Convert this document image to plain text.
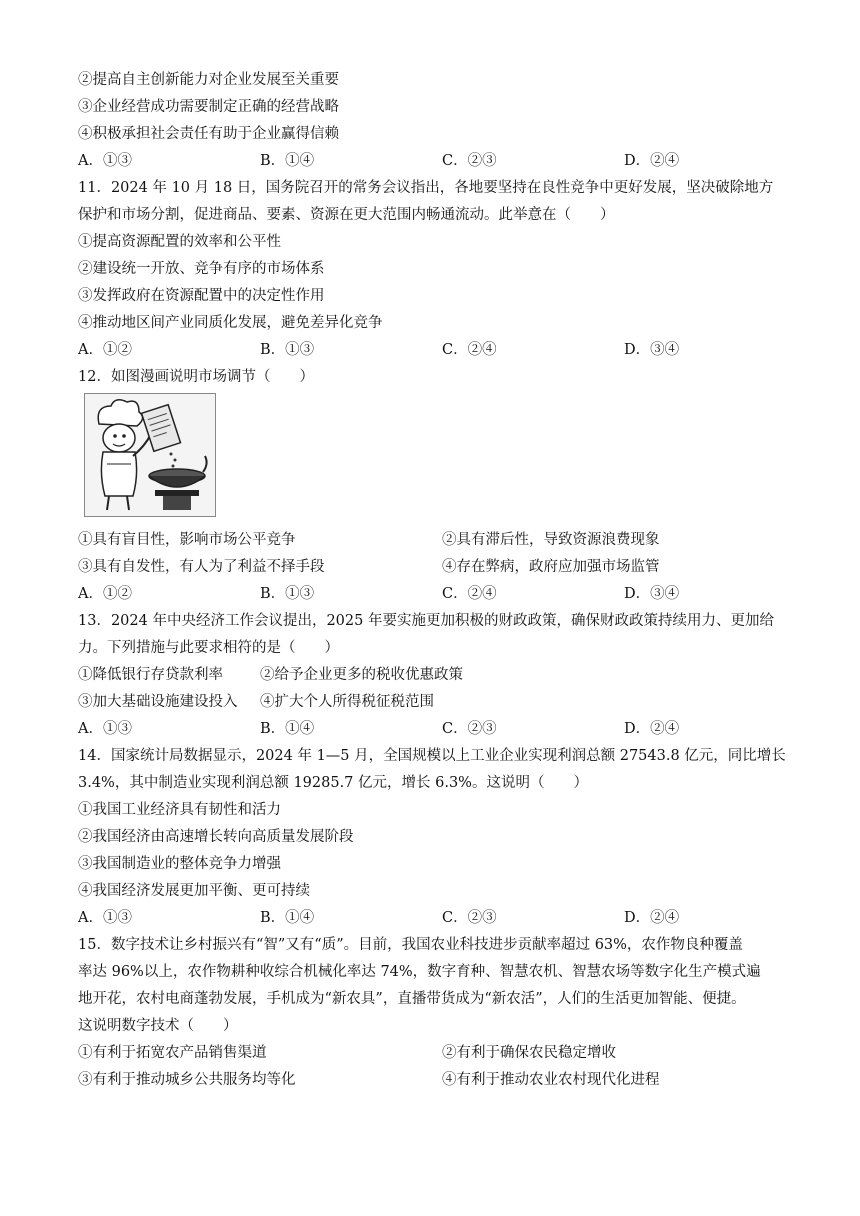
②提高自主创新能力对企业发展至关重要
③企业经营成功需要制定正确的经营战略
④积极承担社会责任有助于企业赢得信赖
A．①③	B．①④	C．②③	D．②④
11．2024 年 10 月 18 日，国务院召开的常务会议指出，各地要坚持在良性竞争中更好发展，坚决破除地方
保护和市场分割，促进商品、要素、资源在更大范围内畅通流动。此举意在（　　）
①提高资源配置的效率和公平性
②建设统一开放、竞争有序的市场体系
③发挥政府在资源配置中的决定性作用
④推动地区间产业同质化发展，避免差异化竞争
A．①②	B．①③	C．②④	D．③④
12．如图漫画说明市场调节（　　）
①具有盲目性，影响市场公平竞争	②具有滞后性，导致资源浪费现象
③具有自发性，有人为了利益不择手段	④存在弊病，政府应加强市场监管
A．①②	B．①③	C．②④	D．③④
13．2024 年中央经济工作会议提出，2025 年要实施更加积极的财政政策，确保财政政策持续用力、更加给
力。下列措施与此要求相符的是（　　）
①降低银行存贷款利率	②给予企业更多的税收优惠政策
③加大基础设施建设投入 ④扩大个人所得税征税范围
A．①③	B．①④	C．②③	D．②④
14．国家统计局数据显示，2024 年 1—5 月，全国规模以上工业企业实现利润总额 27543.8 亿元，同比增长
3.4%，其中制造业实现利润总额 19285.7 亿元，增长 6.3%。这说明（　　）
①我国工业经济具有韧性和活力
②我国经济由高速增长转向高质量发展阶段
③我国制造业的整体竞争力增强
④我国经济发展更加平衡、更可持续
A．①③	B．①④	C．②③	D．②④
15．数字技术让乡村振兴有“智”又有“质”。目前，我国农业科技进步贡献率超过 63%，农作物良种覆盖
率达 96%以上，农作物耕种收综合机械化率达 74%，数字育种、智慧农机、智慧农场等数字化生产模式遍
地开花，农村电商蓬勃发展，手机成为“新农具”，直播带货成为“新农活”，人们的生活更加智能、便捷。
这说明数字技术（　　）
①有利于拓宽农产品销售渠道	②有利于确保农民稳定增收
③有利于推动城乡公共服务均等化	④有利于推动农业农村现代化进程
